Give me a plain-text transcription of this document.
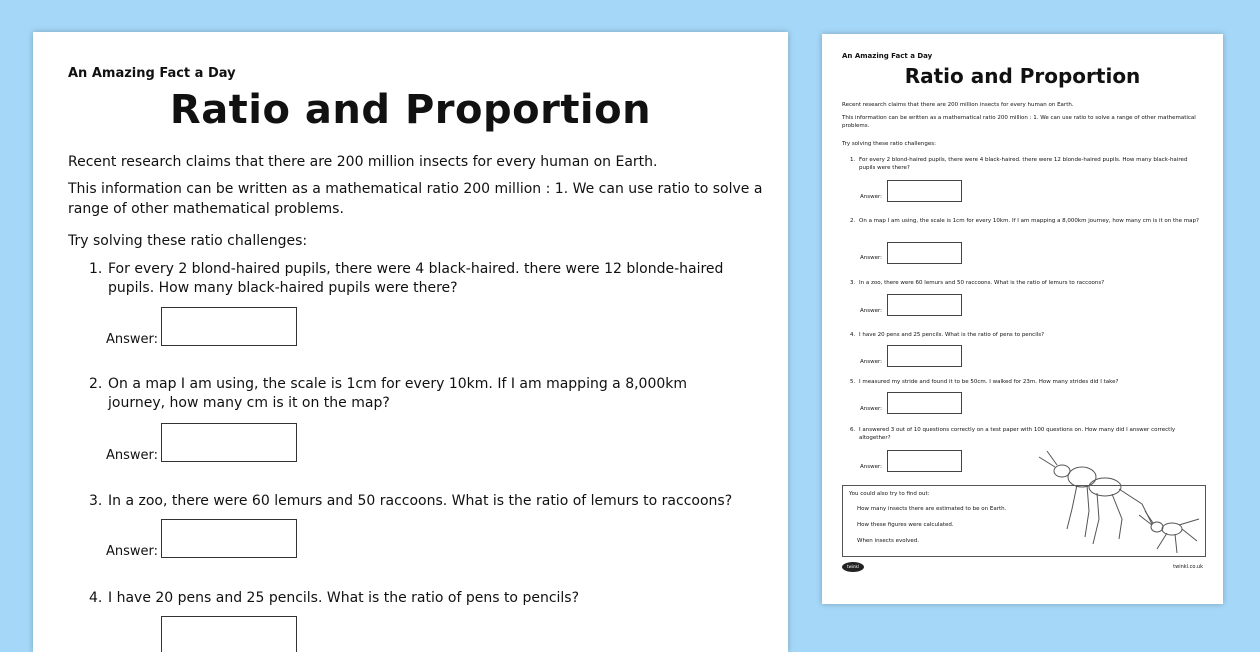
An Amazing Fact a Day
Ratio and Proportion
Recent research claims that there are 200 million insects for every human on Earth.
This information can be written as a mathematical ratio 200 million : 1. We can use ratio to solve a range of other mathematical problems.
Try solving these ratio challenges:
1. For every 2 blond-haired pupils, there were 4 black-haired. there were 12 blonde-haired pupils. How many black-haired pupils were there?
Answer:
2. On a map I am using, the scale is 1cm for every 10km. If I am mapping a 8,000km journey, how many cm is it on the map?
Answer:
3. In a zoo, there were 60 lemurs and 50 raccoons. What is the ratio of lemurs to raccoons?
Answer:
4. I have 20 pens and 25 pencils. What is the ratio of pens to pencils?
An Amazing Fact a Day
Ratio and Proportion
Recent research claims that there are 200 million insects for every human on Earth.
This information can be written as a mathematical ratio 200 million : 1. We can use ratio to solve a range of other mathematical problems.
Try solving these ratio challenges:
1. For every 2 blond-haired pupils, there were 4 black-haired. there were 12 blonde-haired pupils. How many black-haired pupils were there?
Answer:
2. On a map I am using, the scale is 1cm for every 10km. If I am mapping a 8,000km journey, how many cm is it on the map?
Answer:
3. In a zoo, there were 60 lemurs and 50 raccoons. What is the ratio of lemurs to raccoons?
Answer:
4. I have 20 pens and 25 pencils. What is the ratio of pens to pencils?
Answer:
5. I measured my stride and found it to be 50cm. I walked for 23m. How many strides did I take?
Answer:
6. I answered 3 out of 10 questions correctly on a test paper with 100 questions on. How many did I answer correctly altogether?
Answer:
You could also try to find out:
How many insects there are estimated to be on Earth.
How these figures were calculated.
When insects evolved.
twinkl	twinkl.co.uk
